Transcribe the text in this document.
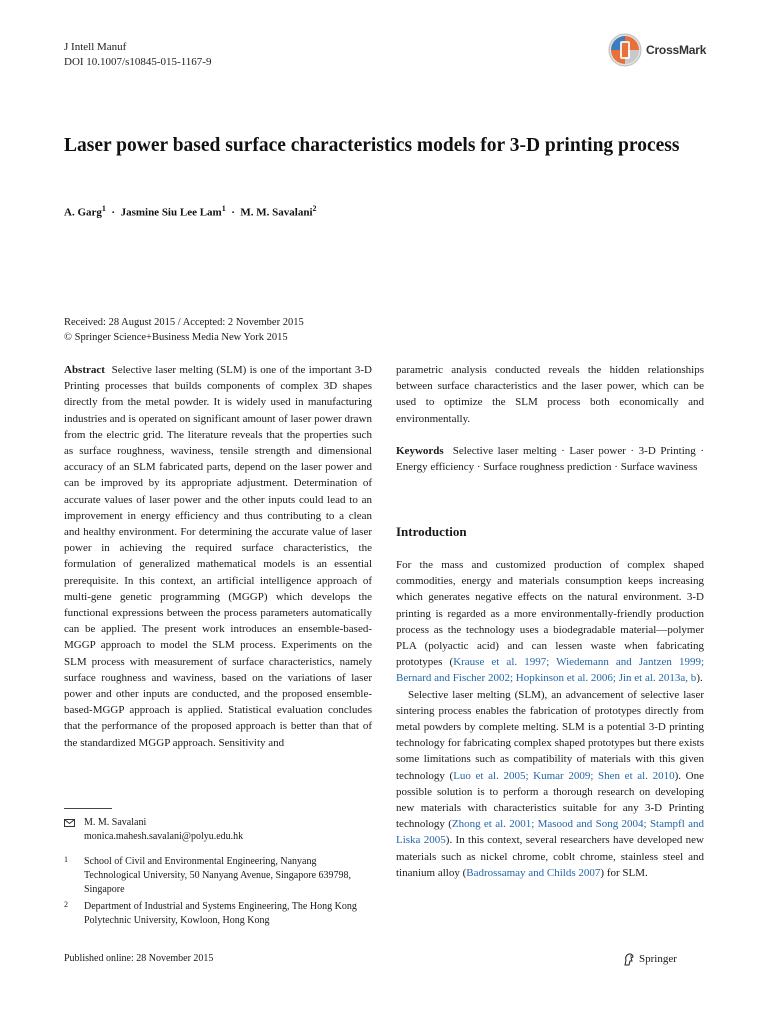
J Intell Manuf
DOI 10.1007/s10845-015-1167-9
CrossMark
Laser power based surface characteristics models for 3-D printing process
A. Garg$^1$  ·  Jasmine Siu Lee Lam$^1$  ·  M. M. Savalani$^2$
Received: 28 August 2015 / Accepted: 2 November 2015
© Springer Science+Business Media New York 2015

Abstract Selective laser melting (SLM) is one of the important 3-D Printing processes that builds components of complex 3D shapes directly from the metal powder. It is widely used in manufacturing industries and is operated on significant amount of laser power drawn from the electric grid. The literature reveals that the properties such as surface roughness, waviness, tensile strength and dimensional accuracy of an SLM fabricated parts, depend on the laser power and can be improved by its appropriate adjustment. Determination of accurate values of laser power and the other inputs could lead to an improvement in energy efficiency and thus contributing to a clean and healthy environment. For determining the accurate value of laser power in achieving the required surface characteristics, the formulation of generalized mathematical models is an essential prerequisite. In this context, an artificial intelligence approach of multi-gene genetic programming (MGGP) which develops the functional expressions between the process parameters automatically can be applied. The present work introduces an ensemble-based-MGGP approach to model the SLM process. Experiments on the SLM process with measurement of surface characteristics, namely surface roughness and waviness, based on the variations of laser power and other inputs are conducted, and the proposed ensemble-based-MGGP approach is applied. Statistical evaluation concludes that the performance of the proposed approach is better than that of the standardized MGGP approach. Sensitivity and

M. M. Savalani
monica.mahesh.savalani@polyu.edu.hk
1 School of Civil and Environmental Engineering, Nanyang Technological University, 50 Nanyang Avenue, Singapore 639798, Singapore
2 Department of Industrial and Systems Engineering, The Hong Kong Polytechnic University, Kowloon, Hong Kong

parametric analysis conducted reveals the hidden relationships between surface characteristics and the laser power, which can be used to optimize the SLM process both economically and environmentally.

Keywords Selective laser melting · Laser power · 3-D Printing · Energy efficiency · Surface roughness prediction · Surface waviness

Introduction

For the mass and customized production of complex shaped commodities, energy and materials consumption keeps increasing which generates negative effects on the natural environment. 3-D printing is regarded as a more environmentally-friendly production process as the technology uses a biodegradable material—polymer PLA (polyactic acid) and can lessen waste when fabricating prototypes (Krause et al. 1997; Wiedemann and Jantzen 1999; Bernard and Fischer 2002; Hopkinson et al. 2006; Jin et al. 2013a, b).

Selective laser melting (SLM), an advancement of selective laser sintering process enables the fabrication of prototypes directly from metal powders by complete melting. SLM is a potential 3-D printing technology for fabricating complex shaped prototypes but there exists some limitations such as compatibility of materials with this given technology (Luo et al. 2005; Kumar 2009; Shen et al. 2010). One possible solution is to perform a thorough research on developing new materials with characteristics suitable for any 3-D Printing technology (Zhong et al. 2001; Masood and Song 2004; Stampfl and Liska 2005). In this context, several researchers have developed new materials such as nickel chrome, coblt chrome, stainless steel and tinanium alloy (Badrossamay and Childs 2007) for SLM.

Published online: 28 November 2015	Springer
